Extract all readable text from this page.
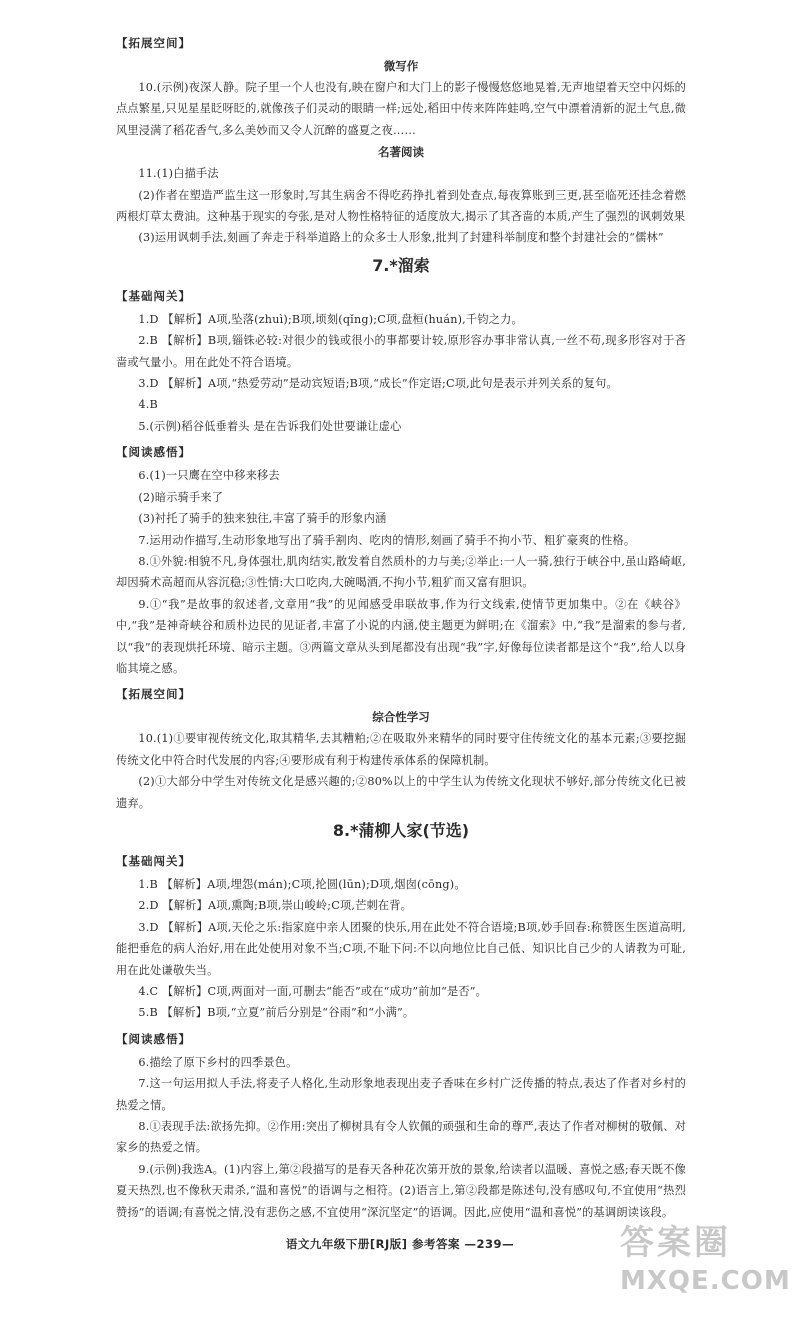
【拓展空间】
微写作
10.(示例)夜深人静。院子里一个人也没有,映在窗户和大门上的影子慢慢悠悠地晃着,无声地望着天空中闪烁的点点繁星,只见星星眨呀眨的,就像孩子们灵动的眼睛一样;远处,稻田中传来阵阵蛙鸣,空气中漂着清新的泥土气息,微风里浸满了稻花香气,多么美妙而又令人沉醉的盛夏之夜……
名著阅读
11.(1)白描手法
(2)作者在塑造严监生这一形象时,写其生病舍不得吃药挣扎着到处查点,每夜算账到三更,甚至临死还挂念着燃两根灯草太费油。这种基于现实的夸张,是对人物性格特征的适度放大,揭示了其吝啬的本质,产生了强烈的讽刺效果
(3)运用讽刺手法,刻画了奔走于科举道路上的众多士人形象,批判了封建科举制度和整个封建社会的“儒林”
7.*溜索
【基础闯关】
1.D 【解析】A项,坠落(zhuì);B项,顷刻(qǐng);C项,盘桓(huán),千钧之力。
2.B 【解析】B项,锱铢必较:对很少的钱或很小的事都要计较,原形容办事非常认真,一丝不苟,现多形容对于吝啬或气量小。用在此处不符合语境。
3.D 【解析】A项,“热爱劳动”是动宾短语;B项,“成长”作定语;C项,此句是表示并列关系的复句。
4.B
5.(示例)稻谷低垂着头 是在告诉我们处世要谦让虚心
【阅读感悟】
6.(1)一只鹰在空中移来移去
(2)暗示骑手来了
(3)衬托了骑手的独来独往,丰富了骑手的形象内涵
7.运用动作描写,生动形象地写出了骑手割肉、吃肉的情形,刻画了骑手不拘小节、粗犷豪爽的性格。
8.①外貌:相貌不凡,身体强壮,肌肉结实,散发着自然质朴的力与美;②举止:一人一骑,独行于峡谷中,虽山路崎岖,却因骑术高超而从容沉稳;③性情:大口吃肉,大碗喝酒,不拘小节,粗犷而又富有胆识。
9.①“我”是故事的叙述者,文章用“我”的见闻感受串联故事,作为行文线索,使情节更加集中。②在《峡谷》中,“我”是神奇峡谷和质朴边民的见证者,丰富了小说的内涵,使主题更为鲜明;在《溜索》中,“我”是溜索的参与者,以“我”的表现烘托环境、暗示主题。③两篇文章从头到尾都没有出现“我”字,好像每位读者都是这个“我”,给人以身临其境之感。
【拓展空间】
综合性学习
10.(1)①要审视传统文化,取其精华,去其糟粕;②在吸取外来精华的同时要守住传统文化的基本元素;③要挖掘传统文化中符合时代发展的内容;④要形成有利于构建传承体系的保障机制。
(2)①大部分中学生对传统文化是感兴趣的;②80%以上的中学生认为传统文化现状不够好,部分传统文化已被遗弃。
8.*蒲柳人家(节选)
【基础闯关】
1.B 【解析】A项,埋怨(mán);C项,抡圆(lūn);D项,烟囱(cōng)。
2.D 【解析】A项,熏陶;B项,崇山峻岭;C项,芒刺在背。
3.D 【解析】A项,天伦之乐:指家庭中亲人团聚的快乐,用在此处不符合语境;B项,妙手回春:称赞医生医道高明,能把垂危的病人治好,用在此处使用对象不当;C项,不耻下问:不以向地位比自己低、知识比自己少的人请教为可耻,用在此处谦敬失当。
4.C 【解析】C项,两面对一面,可删去“能否”或在“成功”前加“是否”。
5.B 【解析】B项,“立夏”前后分别是“谷雨”和“小满”。
【阅读感悟】
6.描绘了原下乡村的四季景色。
7.这一句运用拟人手法,将麦子人格化,生动形象地表现出麦子香味在乡村广泛传播的特点,表达了作者对乡村的热爱之情。
8.①表现手法:欲扬先抑。②作用:突出了柳树具有令人钦佩的顽强和生命的尊严,表达了作者对柳树的敬佩、对家乡的热爱之情。
9.(示例)我选A。(1)内容上,第②段描写的是春天各种花次第开放的景象,给读者以温暖、喜悦之感;春天既不像夏天热烈,也不像秋天肃杀,“温和喜悦”的语调与之相符。(2)语言上,第②段都是陈述句,没有感叹句,不宜使用“热烈赞扬”的语调;有喜悦之情,没有悲伤之感,不宜使用“深沉坚定”的语调。因此,应使用“温和喜悦”的基调朗读该段。
语文九年级下册[RJ版] 参考答案 —239—	答案圈
MXQE.COM
